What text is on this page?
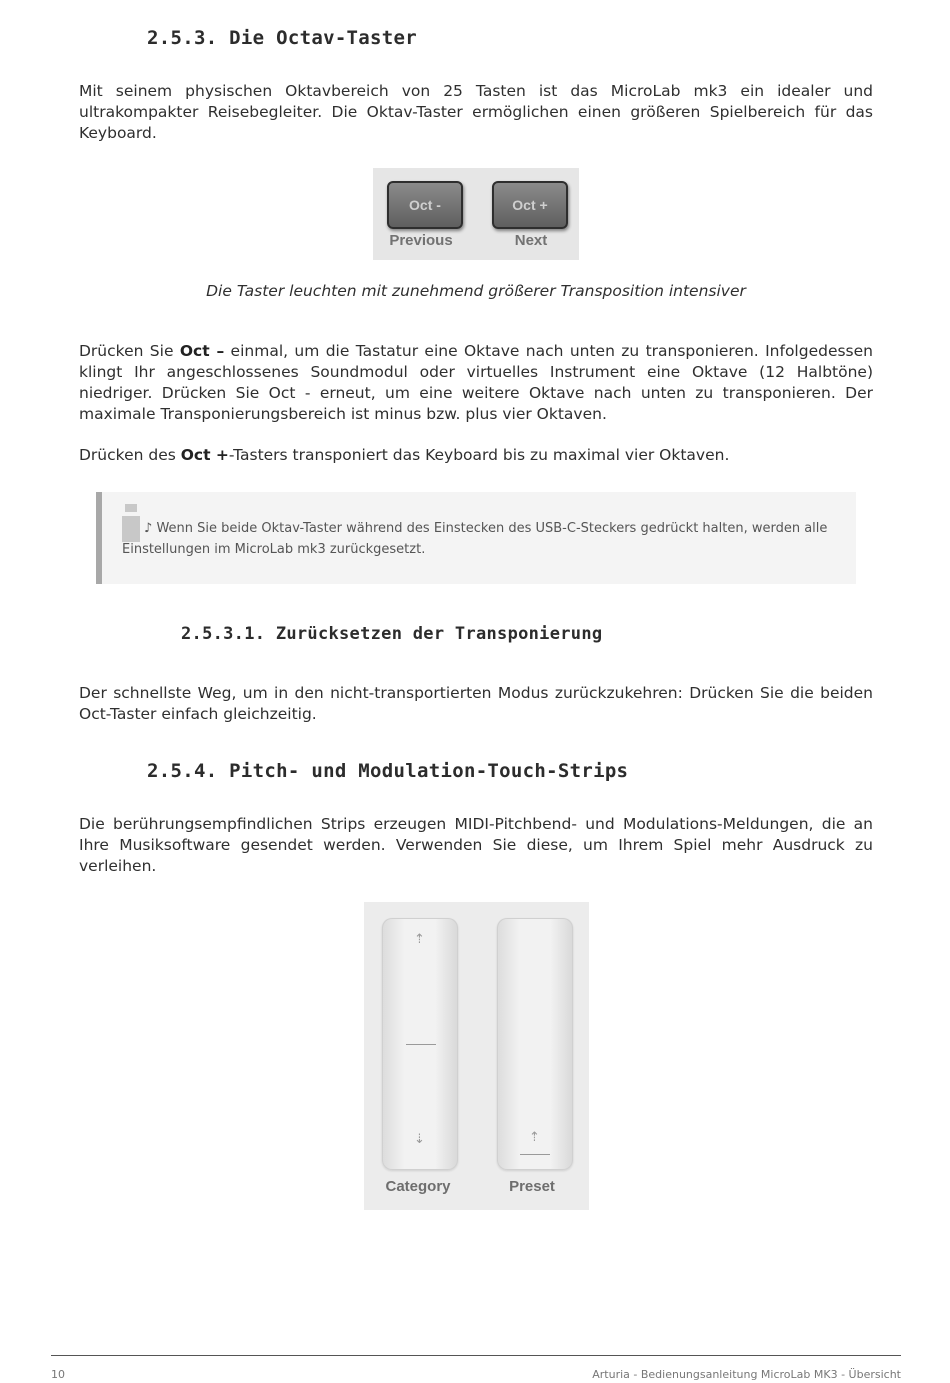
2.5.3. Die Octav-Taster

Mit seinem physischen Oktavbereich von 25 Tasten ist das MicroLab mk3 ein idealer und ultrakompakter Reisebegleiter. Die Oktav-Taster ermöglichen einen größeren Spielbereich für das Keyboard.

Oct -	Oct +
Previous	Next

Die Taster leuchten mit zunehmend größerer Transposition intensiver

Drücken Sie Oct – einmal, um die Tastatur eine Oktave nach unten zu transponieren. Infolgedessen klingt Ihr angeschlossenes Soundmodul oder virtuelles Instrument eine Oktave (12 Halbtöne) niedriger. Drücken Sie Oct - erneut, um eine weitere Oktave nach unten zu transponieren. Der maximale Transponierungsbereich ist minus bzw. plus vier Oktaven.

Drücken des Oct +-Tasters transponiert das Keyboard bis zu maximal vier Oktaven.

♪ Wenn Sie beide Oktav-Taster während des Einstecken des USB-C-Steckers gedrückt halten, werden alle Einstellungen im MicroLab mk3 zurückgesetzt.

2.5.3.1. Zurücksetzen der Transponierung

Der schnellste Weg, um in den nicht-transportierten Modus zurückzukehren: Drücken Sie die beiden Oct-Taster einfach gleichzeitig.

2.5.4. Pitch- und Modulation-Touch-Strips

Die berührungsempfindlichen Strips erzeugen MIDI-Pitchbend- und Modulations-Meldungen, die an Ihre Musiksoftware gesendet werden. Verwenden Sie diese, um Ihrem Spiel mehr Ausdruck zu verleihen.

⇡
⇣	⇡
Category	Preset
10	Arturia - Bedienungsanleitung MicroLab MK3 - Übersicht
